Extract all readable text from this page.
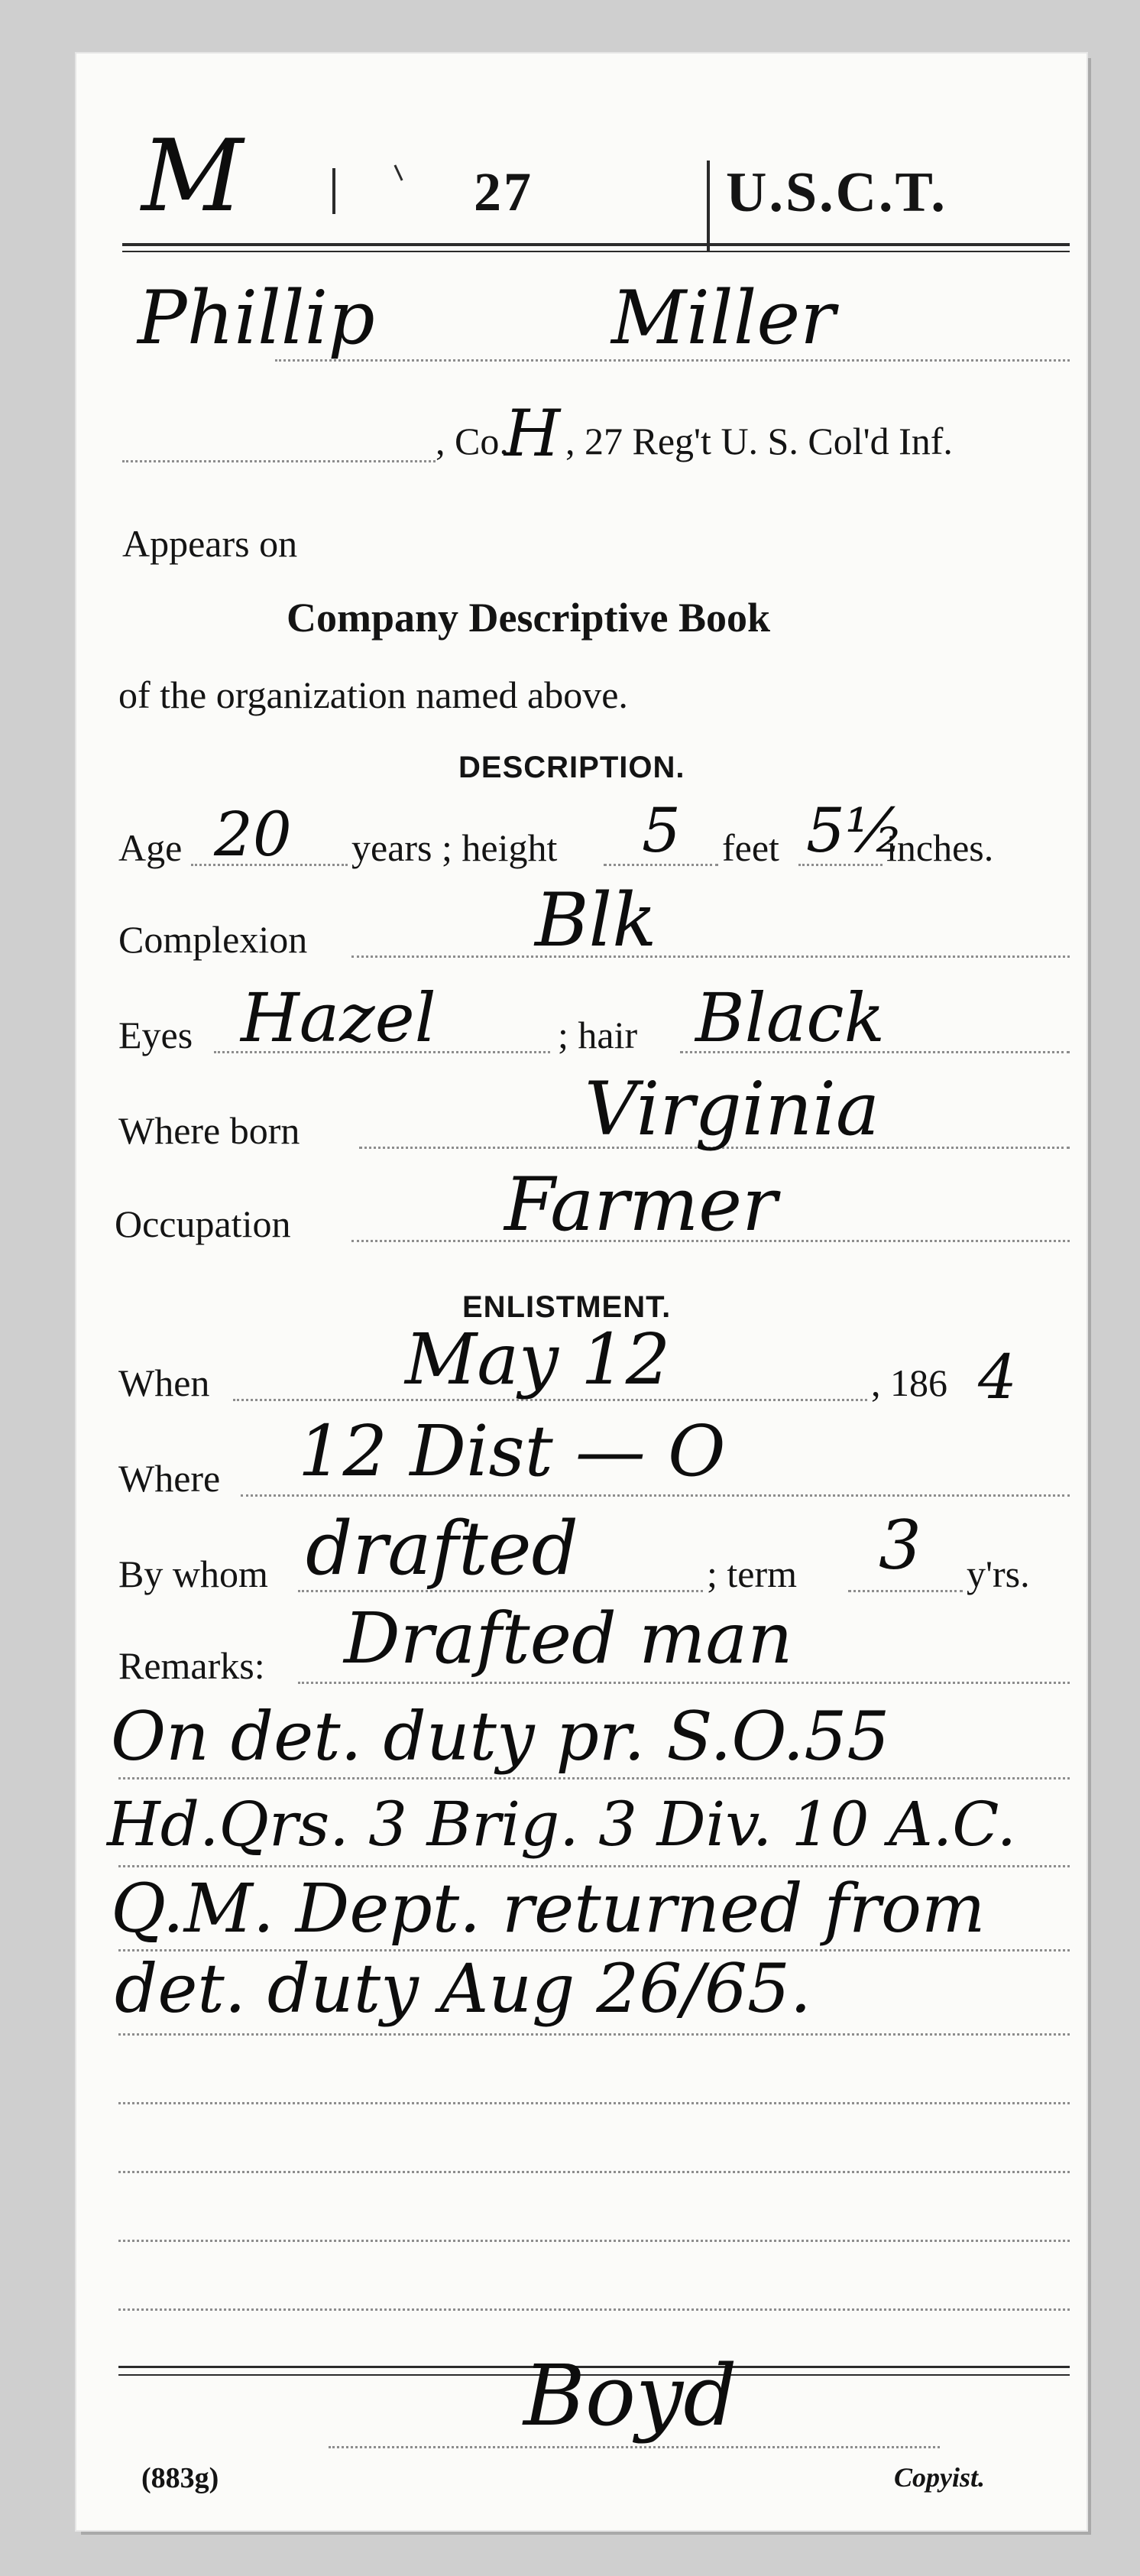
M	27	U.S.C.T.
Phillip	Miller
, Co.
H , 27 Reg't U. S. Col'd Inf.
Appears on
Company Descriptive Book
of the organization named above.
DESCRIPTION.
Age 20 years ; height 5 feet 5½
inches.
Complexion	Blk
Eyes Hazel	; hair Black
Where born	Virginia
Occupation	Farmer
ENLISTMENT.
When	May 12	, 186 4
Where 12 Dist — O
By whom drafted	; term 3 y'rs.
Remarks: Drafted man
On det. duty pr. S.O.55
Hd.Qrs. 3 Brig. 3 Div. 10 A.C.
Q.M. Dept. returned from
det. duty Aug 26/65.
Boyd
(883g)	Copyist.
